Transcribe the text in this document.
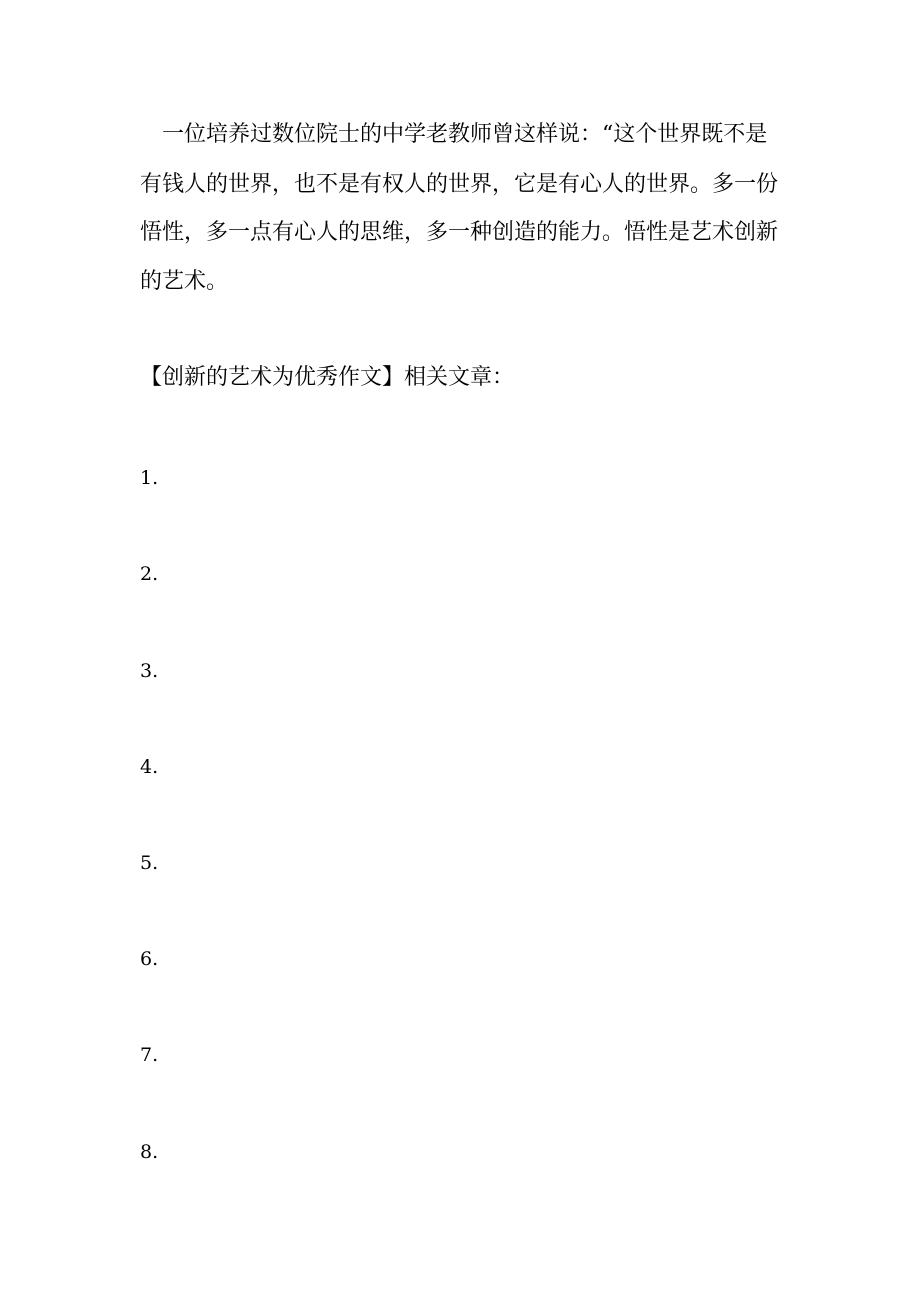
　一位培养过数位院士的中学老教师曾这样说：“这个世界既不是
有钱人的世界，也不是有权人的世界，它是有心人的世界。多一份
悟性，多一点有心人的思维，多一种创造的能力。悟性是艺术创新
的艺术。
【创新的艺术为优秀作文】相关文章：
1.
2.
3.
4.
5.
6.
7.
8.
